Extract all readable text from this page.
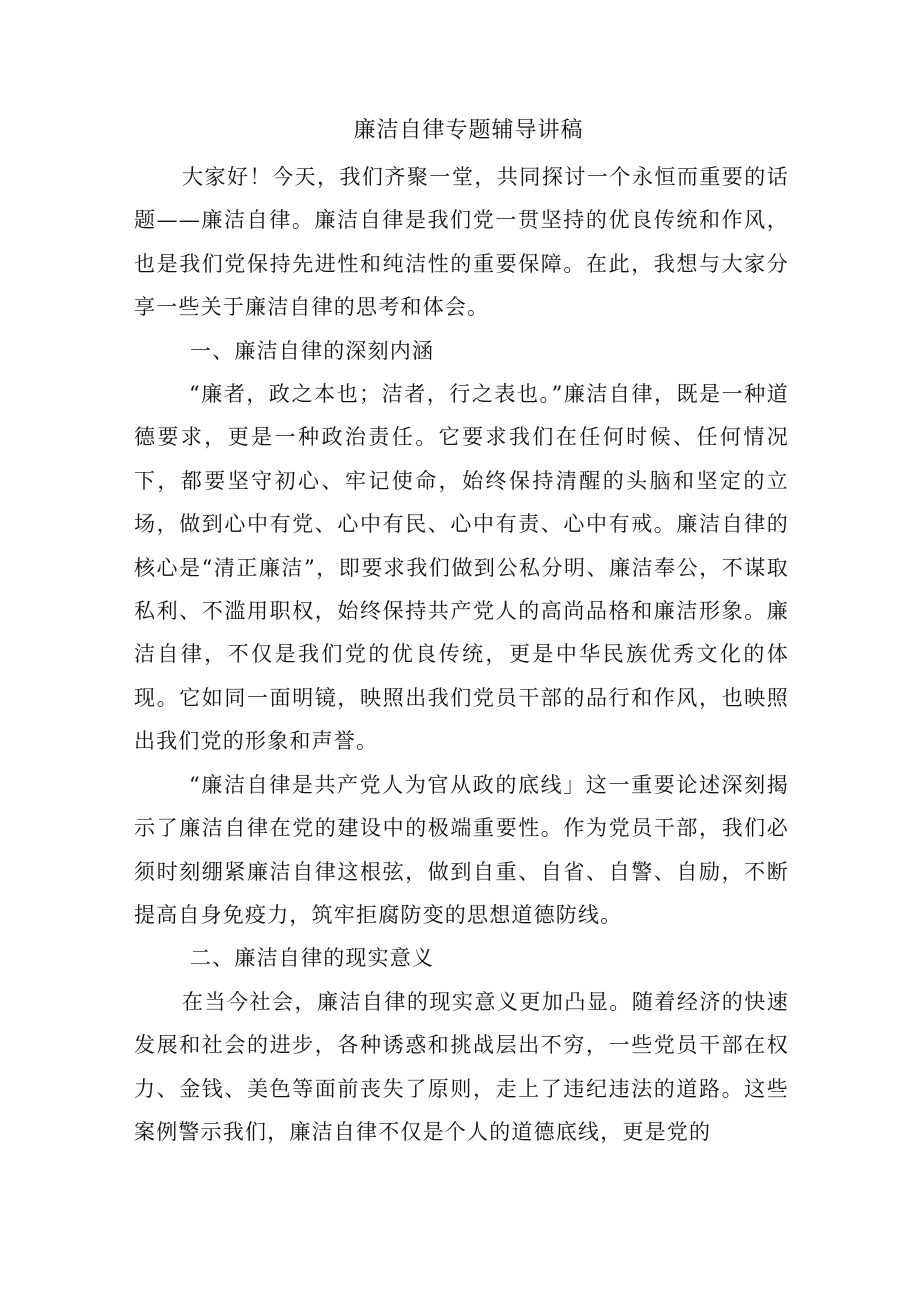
廉洁自律专题辅导讲稿

大家好！今天，我们齐聚一堂，共同探讨一个永恒而重要的话题——廉洁自律。廉洁自律是我们党一贯坚持的优良传统和作风，也是我们党保持先进性和纯洁性的重要保障。在此，我想与大家分享一些关于廉洁自律的思考和体会。

一、廉洁自律的深刻内涵

“廉者，政之本也；洁者，行之表也。”廉洁自律，既是一种道德要求，更是一种政治责任。它要求我们在任何时候、任何情况下，都要坚守初心、牢记使命，始终保持清醒的头脑和坚定的立场，做到心中有党、心中有民、心中有责、心中有戒。廉洁自律的核心是“清正廉洁”，即要求我们做到公私分明、廉洁奉公，不谋取私利、不滥用职权，始终保持共产党人的高尚品格和廉洁形象。廉洁自律，不仅是我们党的优良传统，更是中华民族优秀文化的体现。它如同一面明镜，映照出我们党员干部的品行和作风，也映照出我们党的形象和声誉。

“廉洁自律是共产党人为官从政的底线」这一重要论述深刻揭示了廉洁自律在党的建设中的极端重要性。作为党员干部，我们必须时刻绷紧廉洁自律这根弦，做到自重、自省、自警、自励，不断提高自身免疫力，筑牢拒腐防变的思想道德防线。

二、廉洁自律的现实意义

在当今社会，廉洁自律的现实意义更加凸显。随着经济的快速发展和社会的进步，各种诱惑和挑战层出不穷，一些党员干部在权力、金钱、美色等面前丧失了原则，走上了违纪违法的道路。这些案例警示我们，廉洁自律不仅是个人的道德底线，更是党的
